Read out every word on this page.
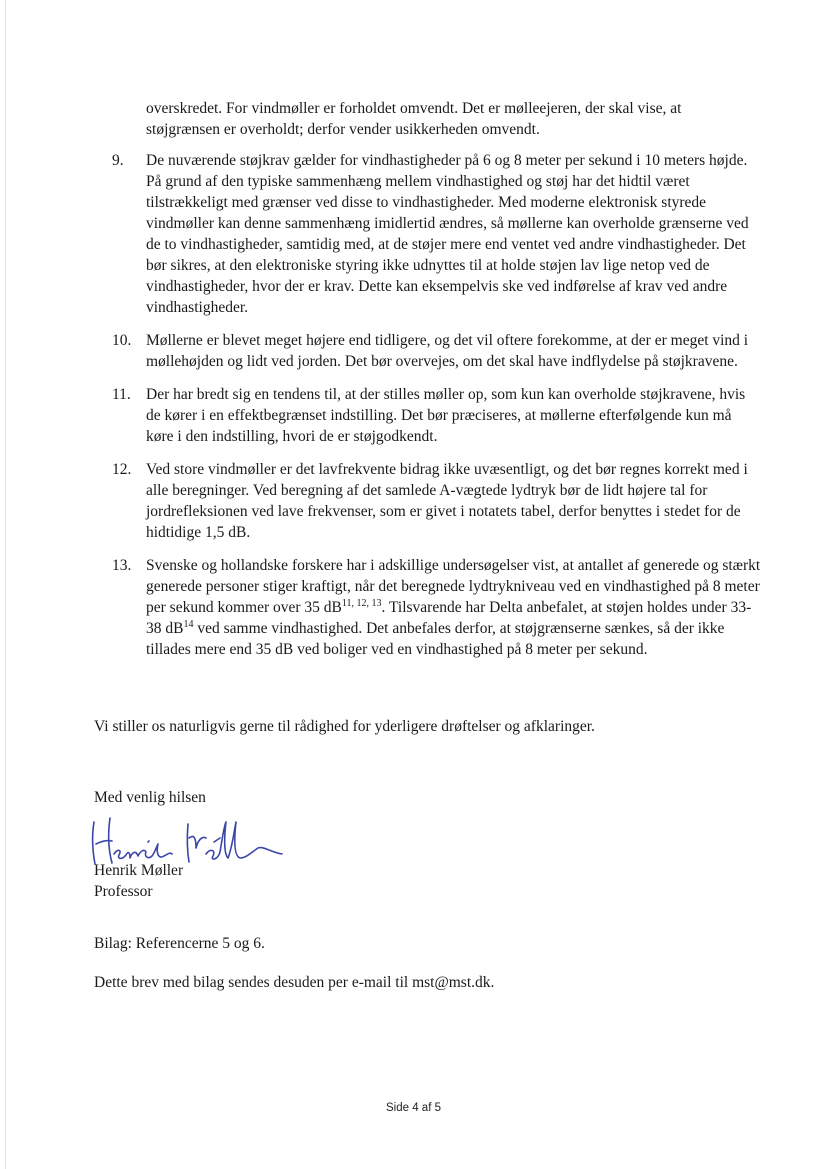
overskredet. For vindmøller er forholdet omvendt. Det er mølleejeren, der skal vise, at støjgrænsen er overholdt; derfor vender usikkerheden omvendt.
9.	De nuværende støjkrav gælder for vindhastigheder på 6 og 8 meter per sekund i 10 meters højde. På grund af den typiske sammenhæng mellem vindhastighed og støj har det hidtil været tilstrækkeligt med grænser ved disse to vindhastigheder. Med moderne elektronisk styrede vindmøller kan denne sammenhæng imidlertid ændres, så møllerne kan overholde grænserne ved de to vindhastigheder, samtidig med, at de støjer mere end ventet ved andre vindhastigheder. Det bør sikres, at den elektroniske styring ikke udnyttes til at holde støjen lav lige netop ved de vindhastigheder, hvor der er krav. Dette kan eksempelvis ske ved indførelse af krav ved andre vindhastigheder.
10. Møllerne er blevet meget højere end tidligere, og det vil oftere forekomme, at der er meget vind i møllehøjden og lidt ved jorden. Det bør overvejes, om det skal have indflydelse på støjkravene.
11. Der har bredt sig en tendens til, at der stilles møller op, som kun kan overholde støjkravene, hvis de kører i en effektbegrænset indstilling. Det bør præciseres, at møllerne efterfølgende kun må køre i den indstilling, hvori de er støjgodkendt.
12. Ved store vindmøller er det lavfrekvente bidrag ikke uvæsentligt, og det bør regnes korrekt med i alle beregninger. Ved beregning af det samlede A-vægtede lydtryk bør de lidt højere tal for jordrefleksionen ved lave frekvenser, som er givet i notatets tabel, derfor benyttes i stedet for de hidtidige 1,5 dB.
13. Svenske og hollandske forskere har i adskillige undersøgelser vist, at antallet af generede og stærkt generede personer stiger kraftigt, når det beregnede lydtrykniveau ved en vindhastighed på 8 meter per sekund kommer over 35 dB$^{11, 12, 13}$. Tilsvarende har Delta anbefalet, at støjen holdes under 33-38 $dB^{14}$ ved samme vindhastighed. Det anbefales derfor, at støjgrænserne sænkes, så der ikke tillades mere end 35 dB ved boliger ved en vindhastighed på 8 meter per sekund.
Vi stiller os naturligvis gerne til rådighed for yderligere drøftelser og afklaringer.
Med venlig hilsen
Henrik Møller
Professor
Bilag: Referencerne 5 og 6.
Dette brev med bilag sendes desuden per e-mail til mst@mst.dk.
Side 4 af 5
